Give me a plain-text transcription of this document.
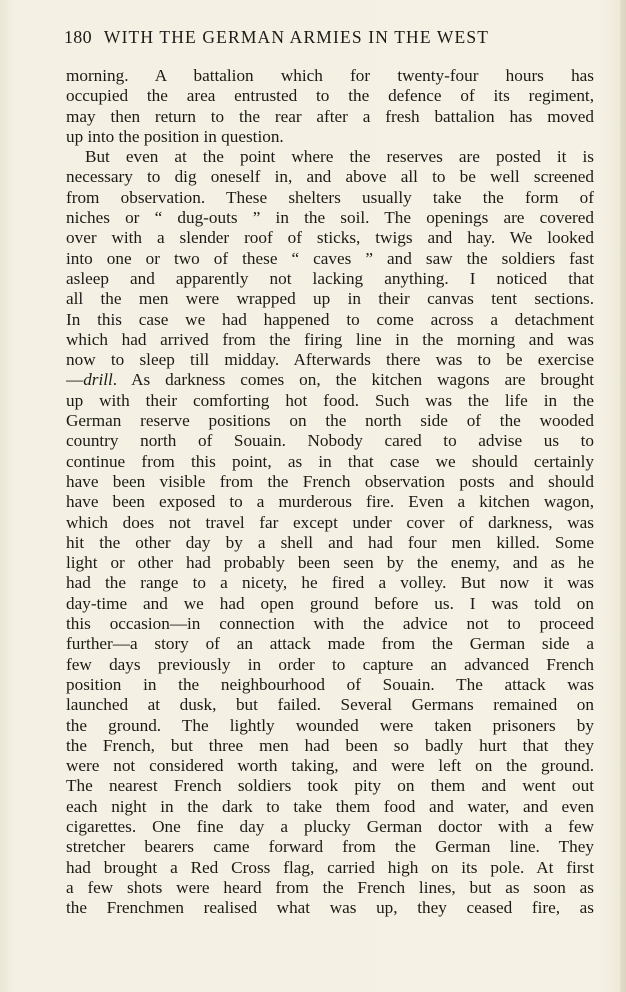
180 WITH THE GERMAN ARMIES IN THE WEST
morning. A battalion which for twenty-four hours has
occupied the area entrusted to the defence of its regiment,
may then return to the rear after a fresh battalion has moved
up into the position in question.
But even at the point where the reserves are posted it is
necessary to dig oneself in, and above all to be well screened
from observation. These shelters usually take the form of
niches or “ dug-outs ” in the soil. The openings are covered
over with a slender roof of sticks, twigs and hay. We looked
into one or two of these “ caves ” and saw the soldiers fast
asleep and apparently not lacking anything. I noticed that
all the men were wrapped up in their canvas tent sections.
In this case we had happened to come across a detachment
which had arrived from the firing line in the morning and was
now to sleep till midday. Afterwards there was to be exercise
—drill. As darkness comes on, the kitchen wagons are brought
up with their comforting hot food. Such was the life in the
German reserve positions on the north side of the wooded
country north of Souain. Nobody cared to advise us to
continue from this point, as in that case we should certainly
have been visible from the French observation posts and should
have been exposed to a murderous fire. Even a kitchen wagon,
which does not travel far except under cover of darkness, was
hit the other day by a shell and had four men killed. Some
light or other had probably been seen by the enemy, and as he
had the range to a nicety, he fired a volley. But now it was
day-time and we had open ground before us. I was told on
this occasion—in connection with the advice not to proceed
further—a story of an attack made from the German side a
few days previously in order to capture an advanced French
position in the neighbourhood of Souain. The attack was
launched at dusk, but failed. Several Germans remained on
the ground. The lightly wounded were taken prisoners by
the French, but three men had been so badly hurt that they
were not considered worth taking, and were left on the ground.
The nearest French soldiers took pity on them and went out
each night in the dark to take them food and water, and even
cigarettes. One fine day a plucky German doctor with a few
stretcher bearers came forward from the German line. They
had brought a Red Cross flag, carried high on its pole. At first
a few shots were heard from the French lines, but as soon as
the Frenchmen realised what was up, they ceased fire, as
